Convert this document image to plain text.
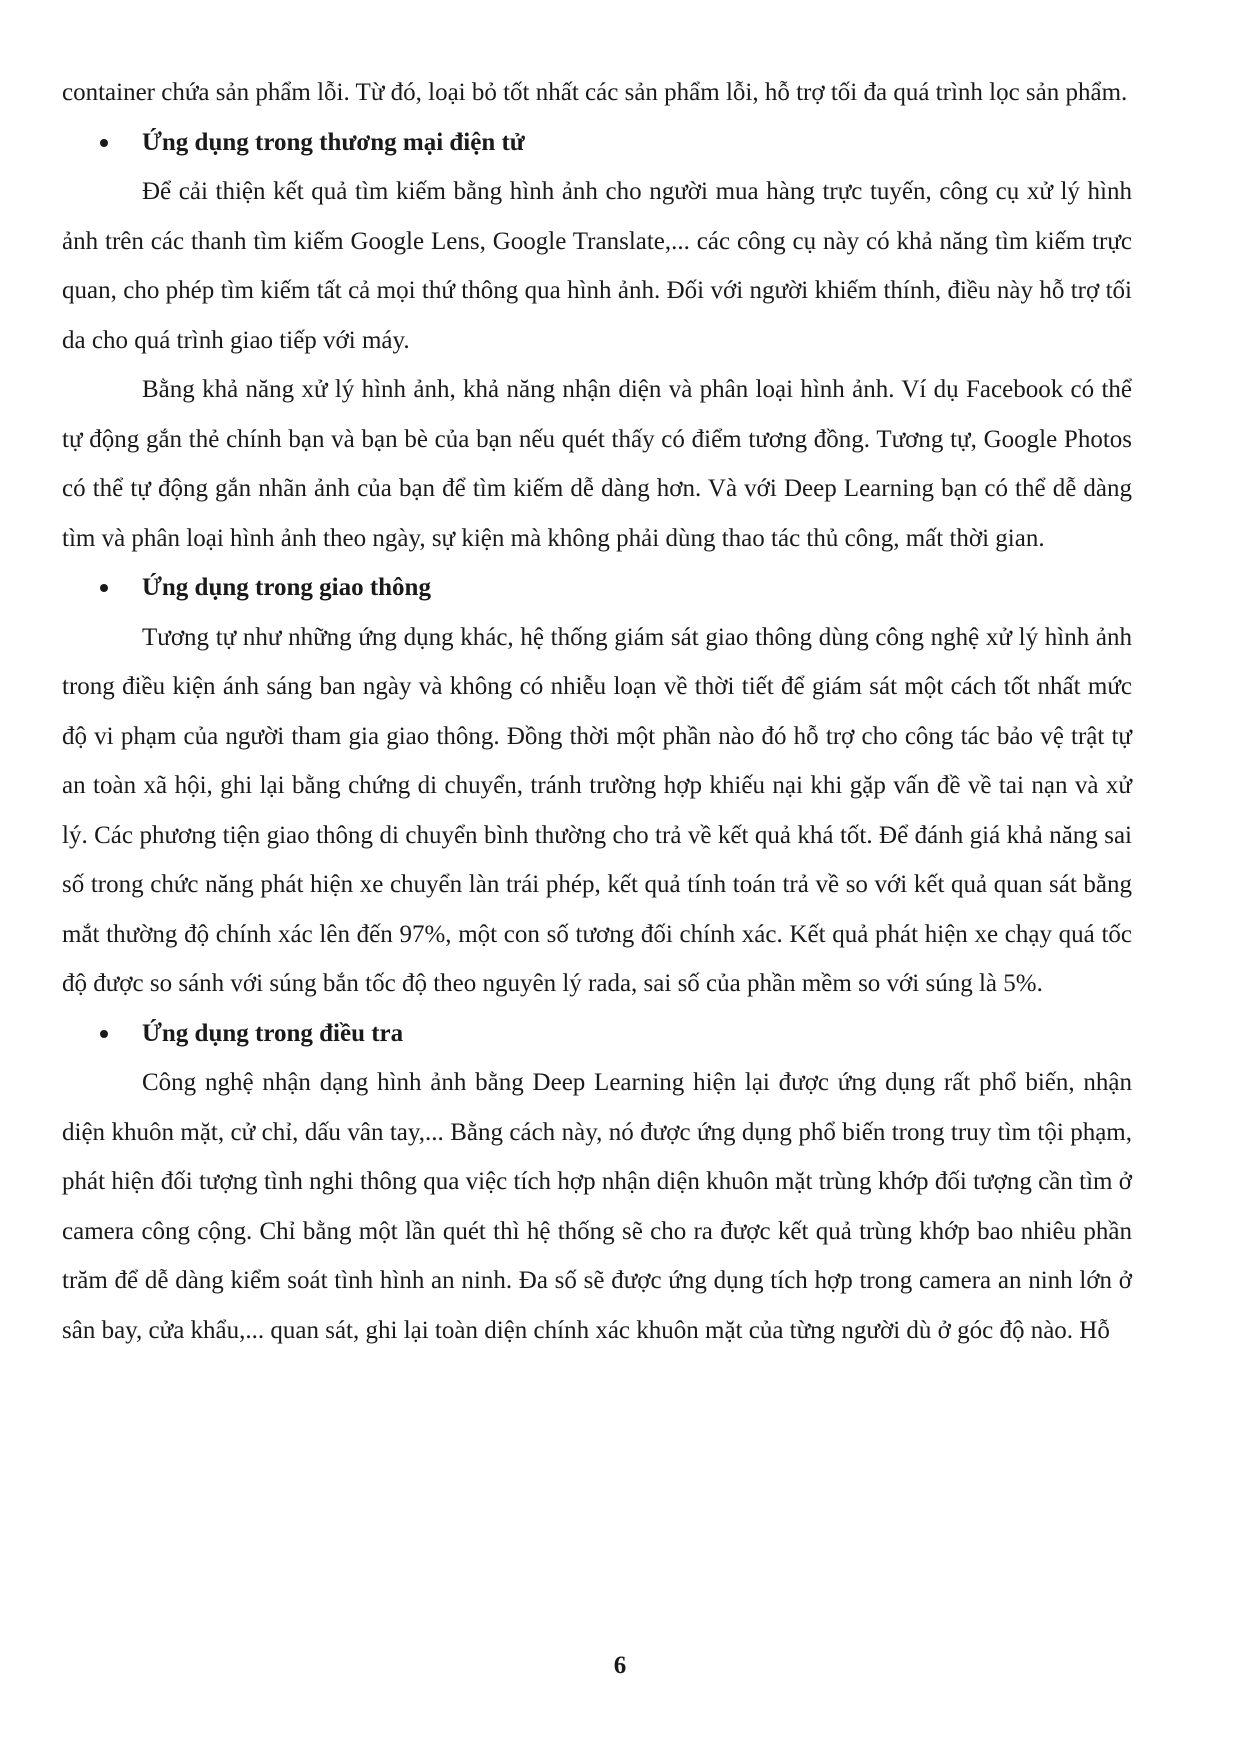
container chứa sản phẩm lỗi. Từ đó, loại bỏ tốt nhất các sản phẩm lỗi, hỗ trợ tối đa quá trình lọc sản phẩm.

Ứng dụng trong thương mại điện tử

Để cải thiện kết quả tìm kiếm bằng hình ảnh cho người mua hàng trực tuyến, công cụ xử lý hình ảnh trên các thanh tìm kiếm Google Lens, Google Translate,... các công cụ này có khả năng tìm kiếm trực quan, cho phép tìm kiếm tất cả mọi thứ thông qua hình ảnh. Đối với người khiếm thính, điều này hỗ trợ tối da cho quá trình giao tiếp với máy.

Bằng khả năng xử lý hình ảnh, khả năng nhận diện và phân loại hình ảnh. Ví dụ Facebook có thể tự động gắn thẻ chính bạn và bạn bè của bạn nếu quét thấy có điểm tương đồng. Tương tự, Google Photos có thể tự động gắn nhãn ảnh của bạn để tìm kiếm dễ dàng hơn. Và với Deep Learning bạn có thể dễ dàng tìm và phân loại hình ảnh theo ngày, sự kiện mà không phải dùng thao tác thủ công, mất thời gian.

Ứng dụng trong giao thông

Tương tự như những ứng dụng khác, hệ thống giám sát giao thông dùng công nghệ xử lý hình ảnh trong điều kiện ánh sáng ban ngày và không có nhiễu loạn về thời tiết để giám sát một cách tốt nhất mức độ vi phạm của người tham gia giao thông. Đồng thời một phần nào đó hỗ trợ cho công tác bảo vệ trật tự an toàn xã hội, ghi lại bằng chứng di chuyển, tránh trường hợp khiếu nại khi gặp vấn đề về tai nạn và xử lý. Các phương tiện giao thông di chuyển bình thường cho trả về kết quả khá tốt. Để đánh giá khả năng sai số trong chức năng phát hiện xe chuyển làn trái phép, kết quả tính toán trả về so với kết quả quan sát bằng mắt thường độ chính xác lên đến 97%, một con số tương đối chính xác. Kết quả phát hiện xe chạy quá tốc độ được so sánh với súng bắn tốc độ theo nguyên lý rada, sai số của phần mềm so với súng là 5%.

Ứng dụng trong điều tra

Công nghệ nhận dạng hình ảnh bằng Deep Learning hiện lại được ứng dụng rất phổ biến, nhận diện khuôn mặt, cử chỉ, dấu vân tay,... Bằng cách này, nó được ứng dụng phổ biến trong truy tìm tội phạm, phát hiện đối tượng tình nghi thông qua việc tích hợp nhận diện khuôn mặt trùng khớp đối tượng cần tìm ở camera công cộng. Chỉ bằng một lần quét thì hệ thống sẽ cho ra được kết quả trùng khớp bao nhiêu phần trăm để dễ dàng kiểm soát tình hình an ninh. Đa số sẽ được ứng dụng tích hợp trong camera an ninh lớn ở sân bay, cửa khẩu,... quan sát, ghi lại toàn diện chính xác khuôn mặt của từng người dù ở góc độ nào. Hỗ

6
